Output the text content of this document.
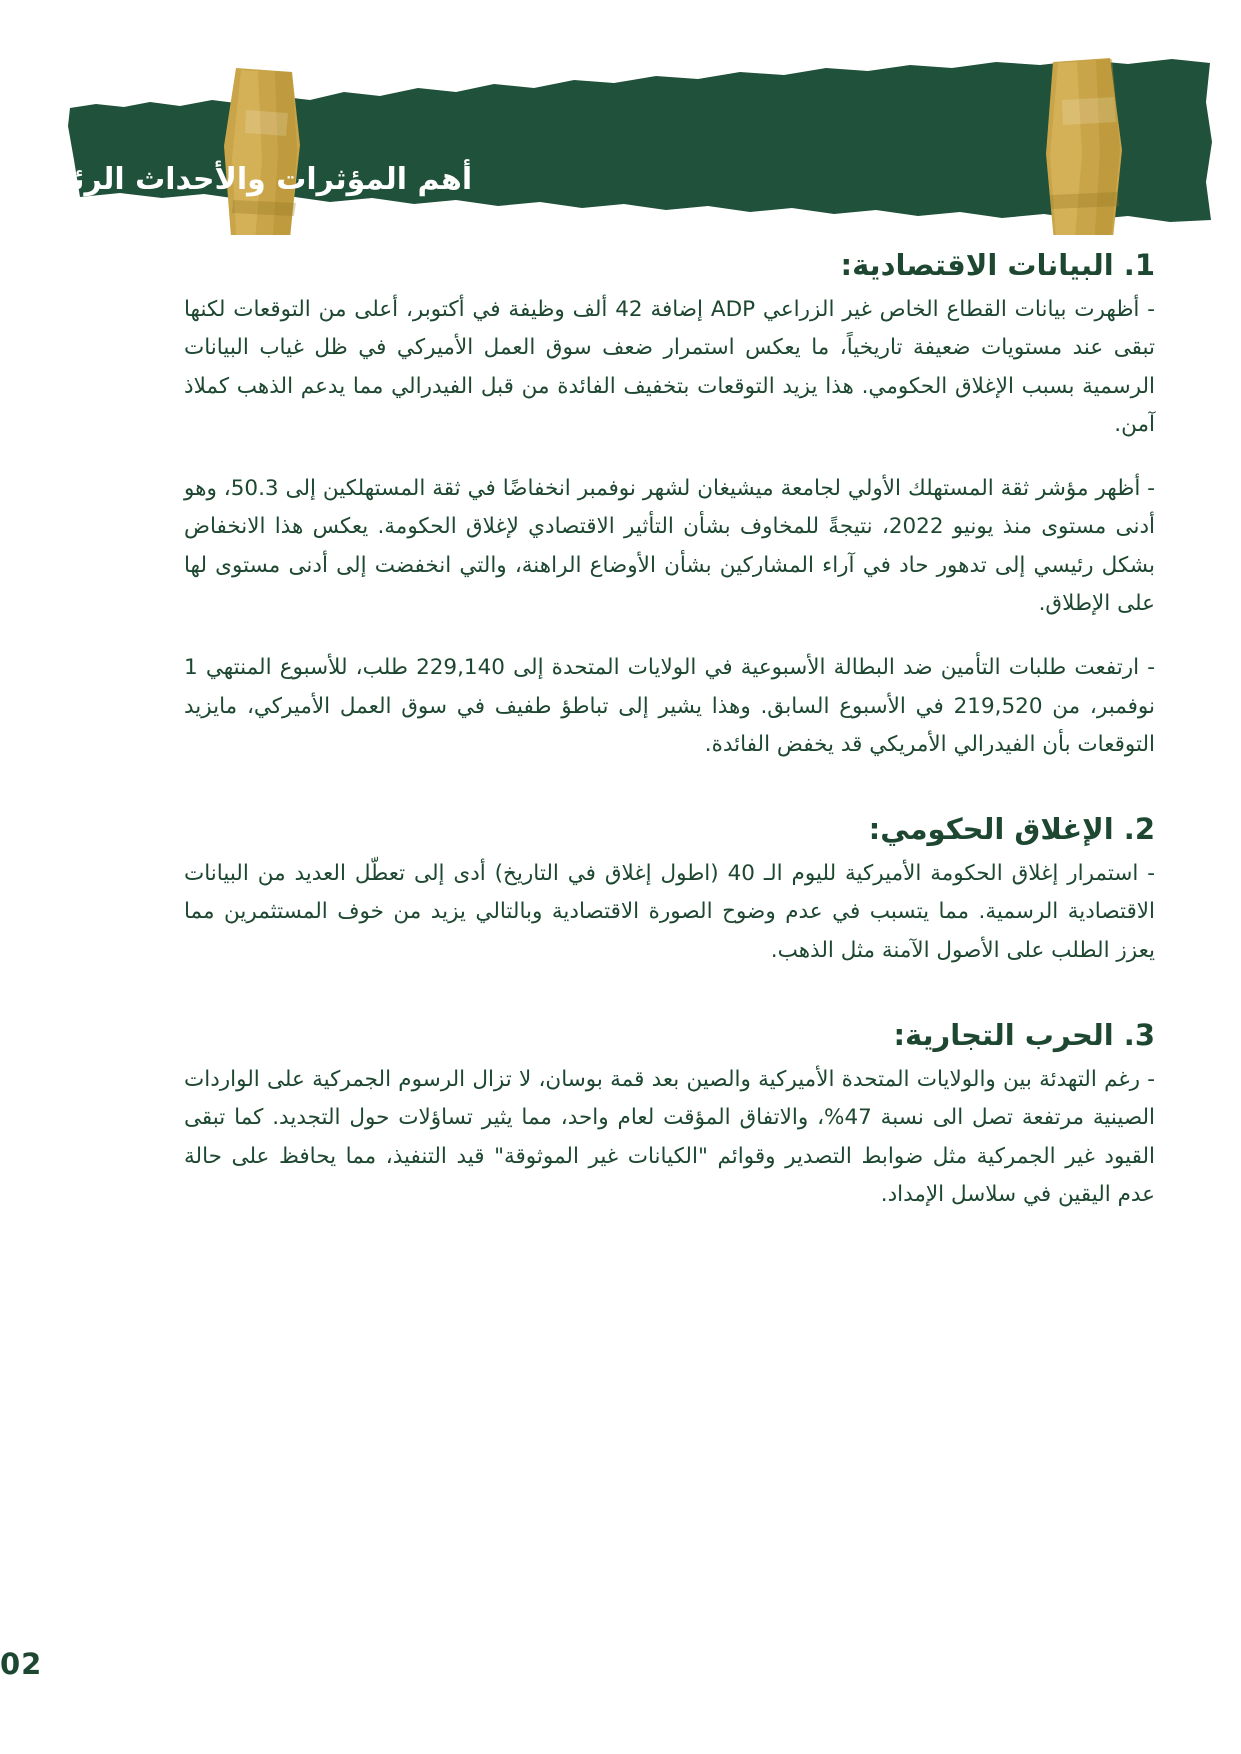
أهم المؤثرات والأحداث الرئيسية
1. البيانات الاقتصادية:

- أظهرت بيانات القطاع الخاص غير الزراعي ADP إضافة 42 ألف وظيفة في أكتوبر، أعلى من التوقعات لكنها تبقى عند مستويات ضعيفة تاريخياً، ما يعكس استمرار ضعف سوق العمل الأميركي في ظل غياب البيانات الرسمية بسبب الإغلاق الحكومي. هذا يزيد التوقعات بتخفيف الفائدة من قبل الفيدرالي مما يدعم الذهب كملاذ آمن.

- أظهر مؤشر ثقة المستهلك الأولي لجامعة ميشيغان لشهر نوفمبر انخفاضًا في ثقة المستهلكين إلى 50.3، وهو أدنى مستوى منذ يونيو 2022، نتيجةً للمخاوف بشأن التأثير الاقتصادي لإغلاق الحكومة. يعكس هذا الانخفاض بشكل رئيسي إلى تدهور حاد في آراء المشاركين بشأن الأوضاع الراهنة، والتي انخفضت إلى أدنى مستوى لها على الإطلاق.

- ارتفعت طلبات التأمين ضد البطالة الأسبوعية في الولايات المتحدة إلى 229,140 طلب، للأسبوع المنتهي 1 نوفمبر، من 219,520 في الأسبوع السابق. وهذا يشير إلى تباطؤ طفيف في سوق العمل الأميركي، مايزيد التوقعات بأن الفيدرالي الأمريكي قد يخفض الفائدة.

2. الإغلاق الحكومي:

- استمرار إغلاق الحكومة الأميركية لليوم الـ 40 (اطول إغلاق في التاريخ) أدى إلى تعطّل العديد من البيانات الاقتصادية الرسمية. مما يتسبب في عدم وضوح الصورة الاقتصادية وبالتالي يزيد من خوف المستثمرين مما يعزز الطلب على الأصول الآمنة مثل الذهب.

3. الحرب التجارية:

- رغم التهدئة بين والولايات المتحدة الأميركية والصين بعد قمة بوسان، لا تزال الرسوم الجمركية على الواردات الصينية مرتفعة تصل الى نسبة 47%، والاتفاق المؤقت لعام واحد، مما يثير تساؤلات حول التجديد. كما تبقى القيود غير الجمركية مثل ضوابط التصدير وقوائم "الكيانات غير الموثوقة" قيد التنفيذ، مما يحافظ على حالة عدم اليقين في سلاسل الإمداد.

02
